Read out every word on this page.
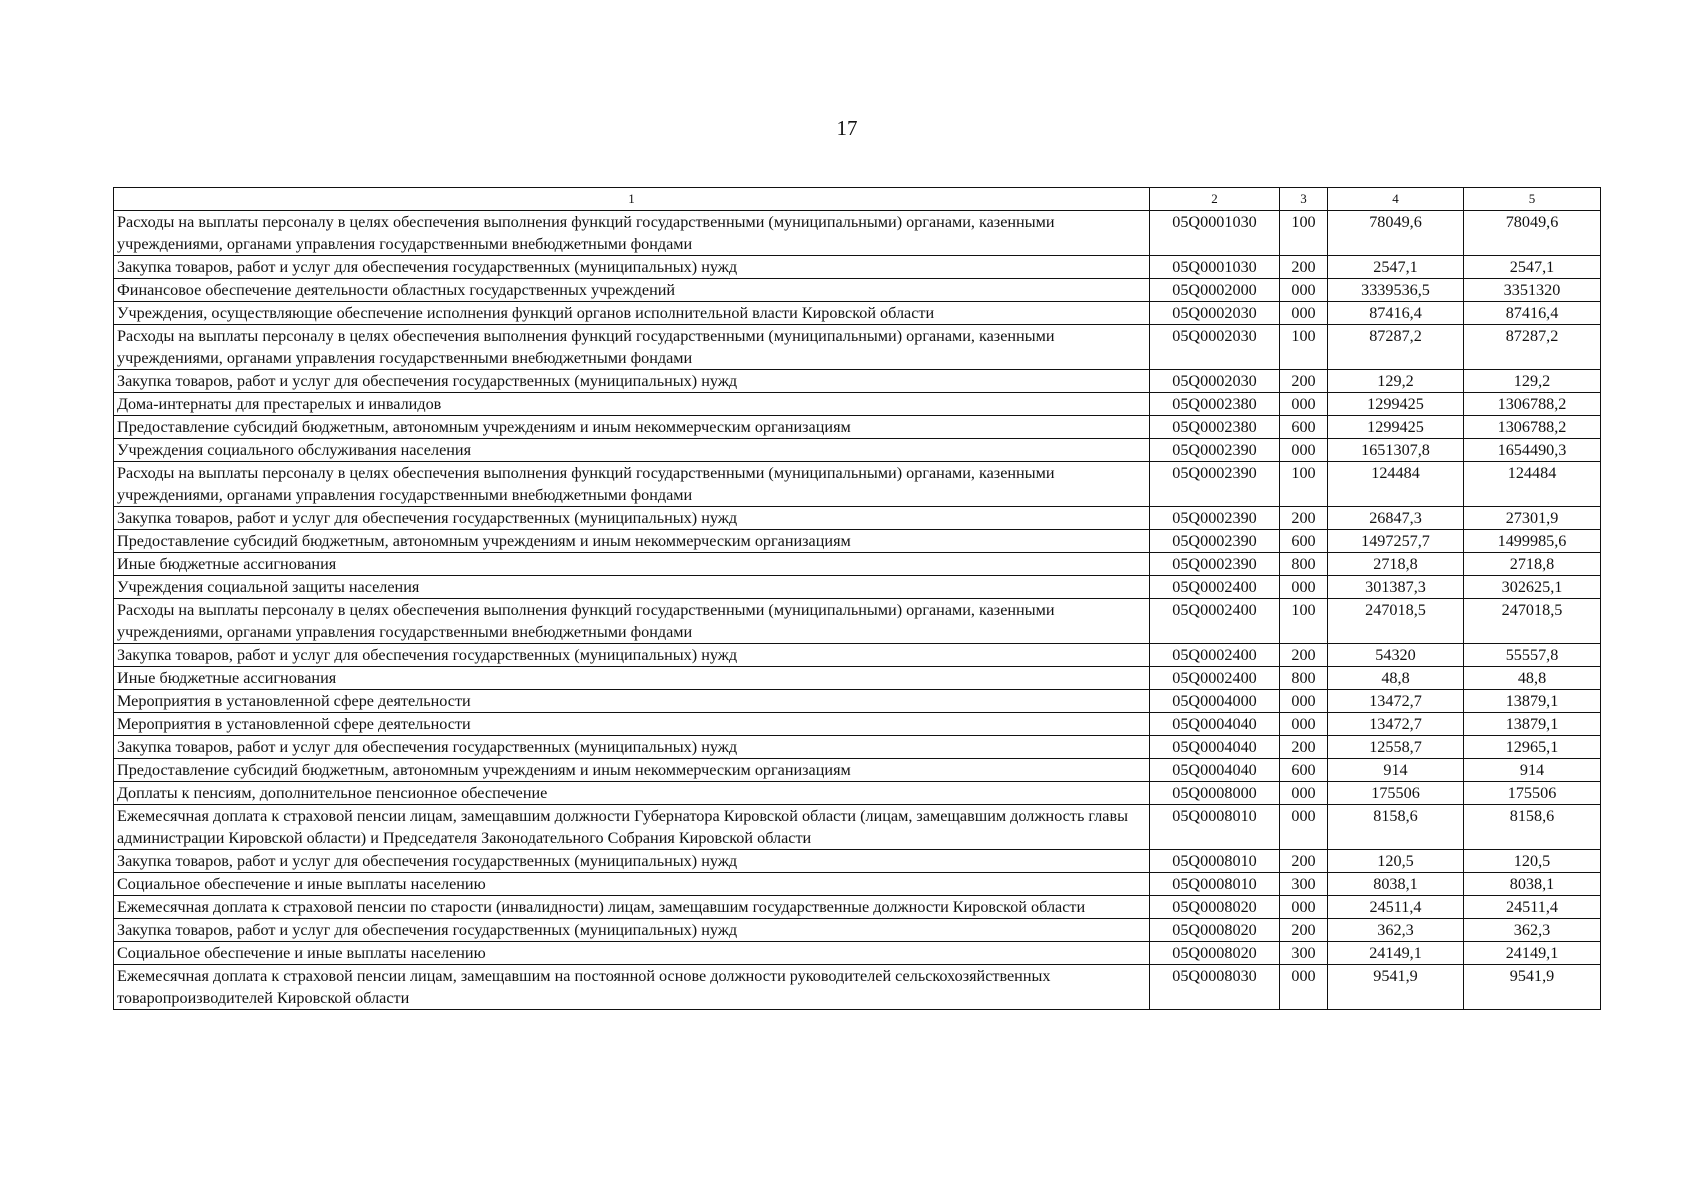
17
1	2	3	4	5
Расходы на выплаты персоналу в целях обеспечения выполнения функций государственными (муниципальными) органами, казенными учреждениями, органами управления государственными внебюджетными фондами	05Q0001030	100	78049,6	78049,6
Закупка товаров, работ и услуг для обеспечения государственных (муниципальных) нужд	05Q0001030	200	2547,1	2547,1
Финансовое обеспечение деятельности областных государственных учреждений	05Q0002000	000	3339536,5	3351320
Учреждения, осуществляющие обеспечение исполнения функций органов исполнительной власти Кировской области	05Q0002030	000	87416,4	87416,4
Расходы на выплаты персоналу в целях обеспечения выполнения функций государственными (муниципальными) органами, казенными учреждениями, органами управления государственными внебюджетными фондами	05Q0002030	100	87287,2	87287,2
Закупка товаров, работ и услуг для обеспечения государственных (муниципальных) нужд	05Q0002030	200	129,2	129,2
Дома-интернаты для престарелых и инвалидов	05Q0002380	000	1299425	1306788,2
Предоставление субсидий бюджетным, автономным учреждениям и иным некоммерческим организациям	05Q0002380	600	1299425	1306788,2
Учреждения социального обслуживания населения	05Q0002390	000	1651307,8	1654490,3
Расходы на выплаты персоналу в целях обеспечения выполнения функций государственными (муниципальными) органами, казенными учреждениями, органами управления государственными внебюджетными фондами	05Q0002390	100	124484	124484
Закупка товаров, работ и услуг для обеспечения государственных (муниципальных) нужд	05Q0002390	200	26847,3	27301,9
Предоставление субсидий бюджетным, автономным учреждениям и иным некоммерческим организациям	05Q0002390	600	1497257,7	1499985,6
Иные бюджетные ассигнования	05Q0002390	800	2718,8	2718,8
Учреждения социальной защиты населения	05Q0002400	000	301387,3	302625,1
Расходы на выплаты персоналу в целях обеспечения выполнения функций государственными (муниципальными) органами, казенными учреждениями, органами управления государственными внебюджетными фондами	05Q0002400	100	247018,5	247018,5
Закупка товаров, работ и услуг для обеспечения государственных (муниципальных) нужд	05Q0002400	200	54320	55557,8
Иные бюджетные ассигнования	05Q0002400	800	48,8	48,8
Мероприятия в установленной сфере деятельности	05Q0004000	000	13472,7	13879,1
Мероприятия в установленной сфере деятельности	05Q0004040	000	13472,7	13879,1
Закупка товаров, работ и услуг для обеспечения государственных (муниципальных) нужд	05Q0004040	200	12558,7	12965,1
Предоставление субсидий бюджетным, автономным учреждениям и иным некоммерческим организациям	05Q0004040	600	914	914
Доплаты к пенсиям, дополнительное пенсионное обеспечение	05Q0008000	000	175506	175506
Ежемесячная доплата к страховой пенсии лицам, замещавшим должности Губернатора Кировской области (лицам, замещавшим должность главы администрации Кировской области) и Председателя Законодательного Собрания Кировской области	05Q0008010	000	8158,6	8158,6
Закупка товаров, работ и услуг для обеспечения государственных (муниципальных) нужд	05Q0008010	200	120,5	120,5
Социальное обеспечение и иные выплаты населению	05Q0008010	300	8038,1	8038,1
Ежемесячная доплата к страховой пенсии по старости (инвалидности) лицам, замещавшим государственные должности Кировской области	05Q0008020	000	24511,4	24511,4
Закупка товаров, работ и услуг для обеспечения государственных (муниципальных) нужд	05Q0008020	200	362,3	362,3
Социальное обеспечение и иные выплаты населению	05Q0008020	300	24149,1	24149,1
Ежемесячная доплата к страховой пенсии лицам, замещавшим на постоянной основе должности руководителей сельскохозяйственных товаропроизводителей Кировской области	05Q0008030	000	9541,9	9541,9
